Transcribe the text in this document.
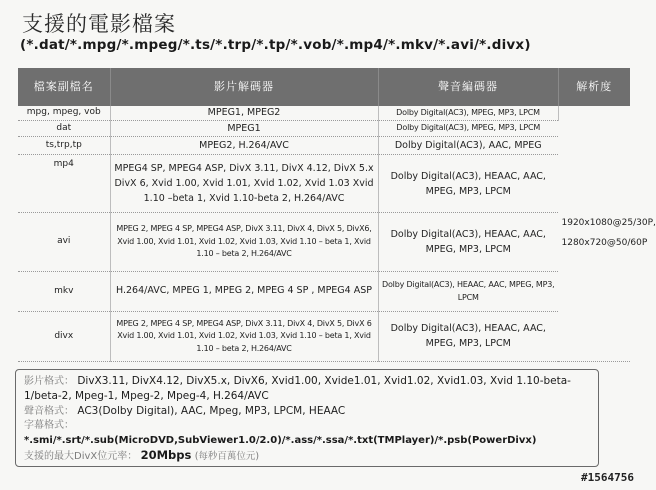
支援的電影檔案
(*.dat/*.mpg/*.mpeg/*.ts/*.trp/*.tp/*.vob/*.mp4/*.mkv/*.avi/*.divx)
檔案副檔名	影片解碼器	聲音編碼器	解析度
mpg, mpeg, vob	MPEG1, MPEG2	Dolby Digital(AC3), MPEG, MP3, LPCM	1920x1080@25/30P,
1280x720@50/60P

dat	MPEG1	Dolby Digital(AC3), MPEG, MP3, LPCM	
ts,trp,tp	MPEG2, H.264/AVC	Dolby Digital(AC3), AAC, MPEG	
mp4	MPEG4 SP, MPEG4 ASP, DivX 3.11, DivX 4.12, DivX 5.x DivX 6, Xvid 1.00, Xvid 1.01, Xvid 1.02, Xvid 1.03 Xvid 1.10 –beta 1, Xvid 1.10-beta 2, H.264/AVC	Dolby Digital(AC3), HEAAC, AAC, MPEG, MP3, LPCM	
avi	MPEG 2, MPEG 4 SP, MPEG4 ASP, DivX 3.11, DivX 4, DivX 5, DivX6, Xvid 1.00, Xvid 1.01, Xvid 1.02, Xvid 1.03, Xvid 1.10 – beta 1, Xvid 1.10 – beta 2, H.264/AVC	Dolby Digital(AC3), HEAAC, AAC, MPEG, MP3, LPCM	
mkv	H.264/AVC, MPEG 1, MPEG 2, MPEG 4 SP , MPEG4 ASP	Dolby Digital(AC3), HEAAC, AAC, MPEG, MP3, LPCM	
divx	MPEG 2, MPEG 4 SP, MPEG4 ASP, DivX 3.11, DivX 4, DivX 5, DivX 6 Xvid 1.00, Xvid 1.01, Xvid 1.02, Xvid 1.03, Xvid 1.10 – beta 1, Xvid 1.10 – beta 2, H.264/AVC	Dolby Digital(AC3), HEAAC, AAC, MPEG, MP3, LPCM	
影片格式： DivX3.11, DivX4.12, DivX5.x, DivX6, Xvid1.00, Xvide1.01, Xvid1.02, Xvid1.03, Xvid 1.10-beta-1/beta-2, Mpeg-1, Mpeg-2, Mpeg-4, H.264/AVC
聲音格式： AC3(Dolby Digital), AAC, Mpeg, MP3, LPCM, HEAAC
字幕格式：
*.smi/*.srt/*.sub(MicroDVD,SubViewer1.0/2.0)/*.ass/*.ssa/*.txt(TMPlayer)/*.psb(PowerDivx)
支援的最大DivX位元率： 20Mbps (每秒百萬位元)
#1564756
